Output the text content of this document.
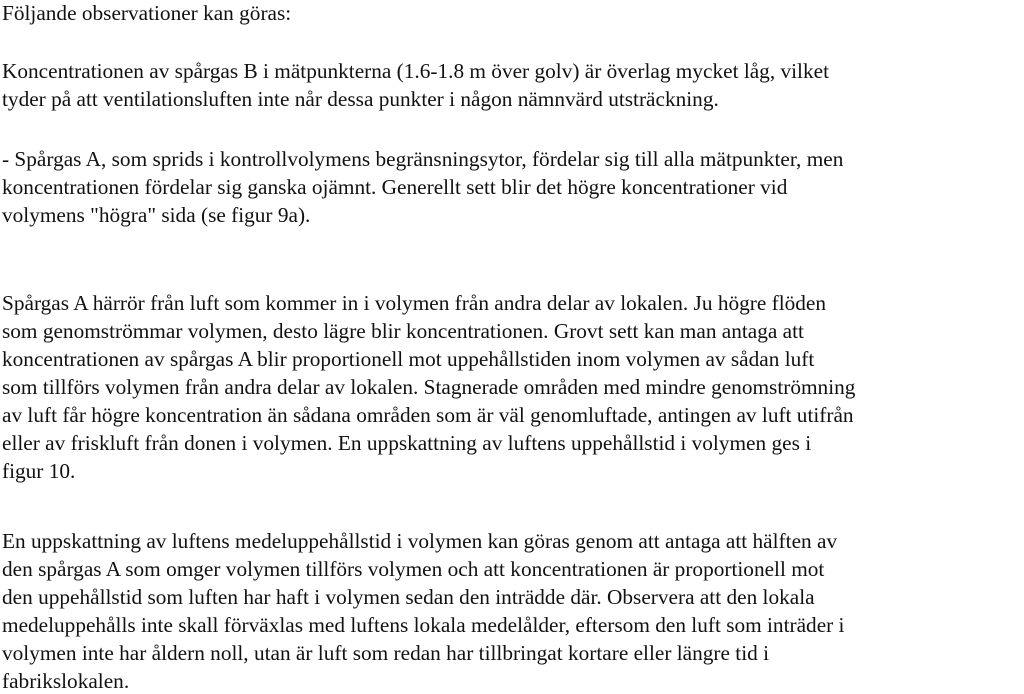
Följande observationer kan göras:

Koncentrationen av spårgas B i mätpunkterna (1.6-1.8 m över golv) är överlag mycket låg, vilket

tyder på att ventilationsluften inte når dessa punkter i någon nämnvärd utsträckning.

- Spårgas A, som sprids i kontrollvolymens begränsningsytor, fördelar sig till alla mätpunkter, men

koncentrationen fördelar sig ganska ojämnt. Generellt sett blir det högre koncentrationer vid

volymens "högra" sida (se figur 9a).

Spårgas A härrör från luft som kommer in i volymen från andra delar av lokalen. Ju högre flöden

som genomströmmar volymen, desto lägre blir koncentrationen. Grovt sett kan man antaga att

koncentrationen av spårgas A blir proportionell mot uppehållstiden inom volymen av sådan luft

som tillförs volymen från andra delar av lokalen. Stagnerade områden med mindre genomströmning

av luft får högre koncentration än sådana områden som är väl genomluftade, antingen av luft utifrån

eller av friskluft från donen i volymen. En uppskattning av luftens uppehållstid i volymen ges i

figur 10.

En uppskattning av luftens medeluppehållstid i volymen kan göras genom att antaga att hälften av

den spårgas A som omger volymen tillförs volymen och att koncentrationen är proportionell mot

den uppehållstid som luften har haft i volymen sedan den inträdde där. Observera att den lokala

medeluppehålls inte skall förväxlas med luftens lokala medelålder, eftersom den luft som inträder i

volymen inte har åldern noll, utan är luft som redan har tillbringat kortare eller längre tid i

fabrikslokalen.
